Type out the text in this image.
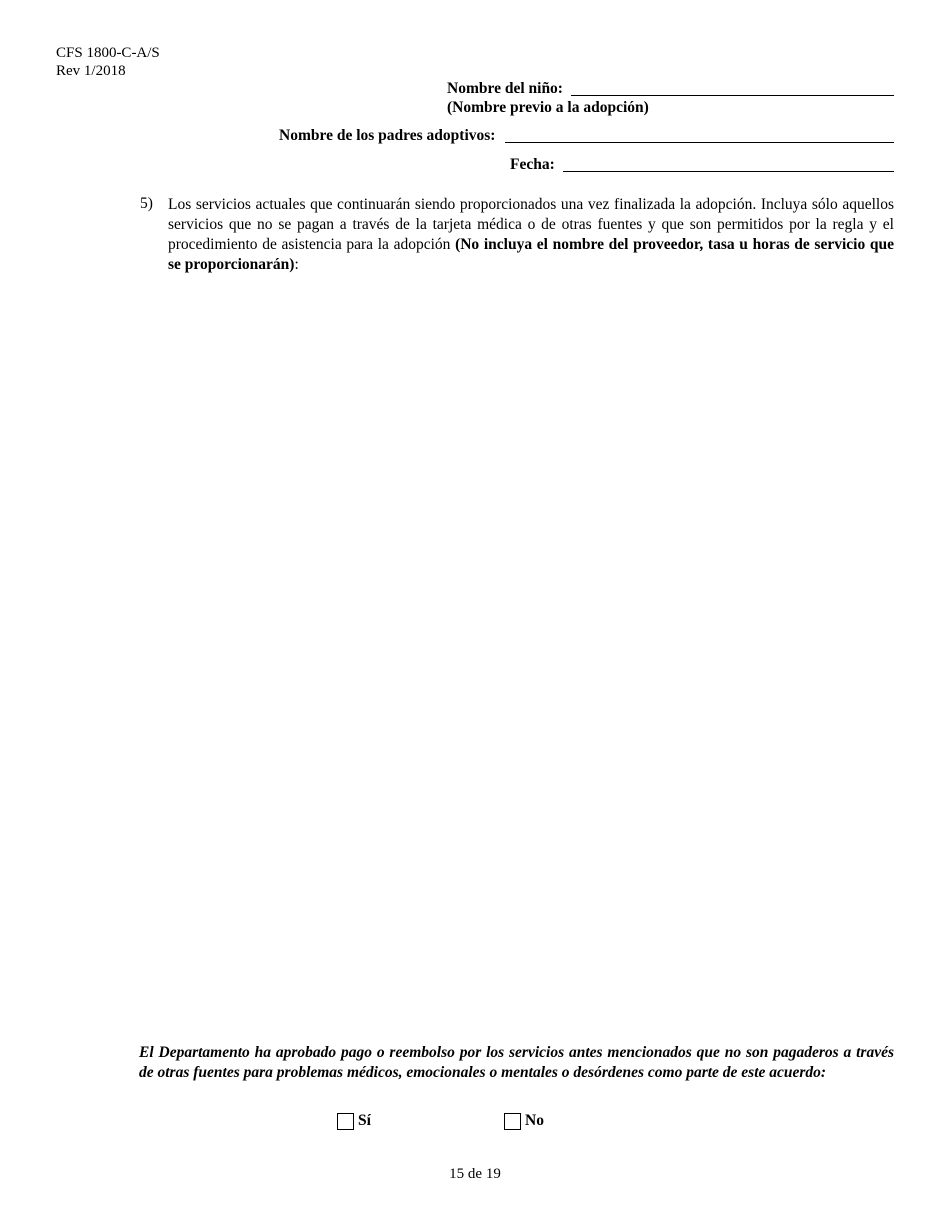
CFS 1800-C-A/S
Rev 1/2018
Nombre del niño:
(Nombre previo a la adopción)
Nombre de los padres adoptivos:
Fecha:
5) Los servicios actuales que continuarán siendo proporcionados una vez finalizada la adopción. Incluya sólo aquellos servicios que no se pagan a través de la tarjeta médica o de otras fuentes y que son permitidos por la regla y el procedimiento de asistencia para la adopción (No incluya el nombre del proveedor, tasa u horas de servicio que se proporcionarán):
El Departamento ha aprobado pago o reembolso por los servicios antes mencionados que no son pagaderos a través de otras fuentes para problemas médicos, emocionales o mentales o desórdenes como parte de este acuerdo:
Sí	No
15 de 19
